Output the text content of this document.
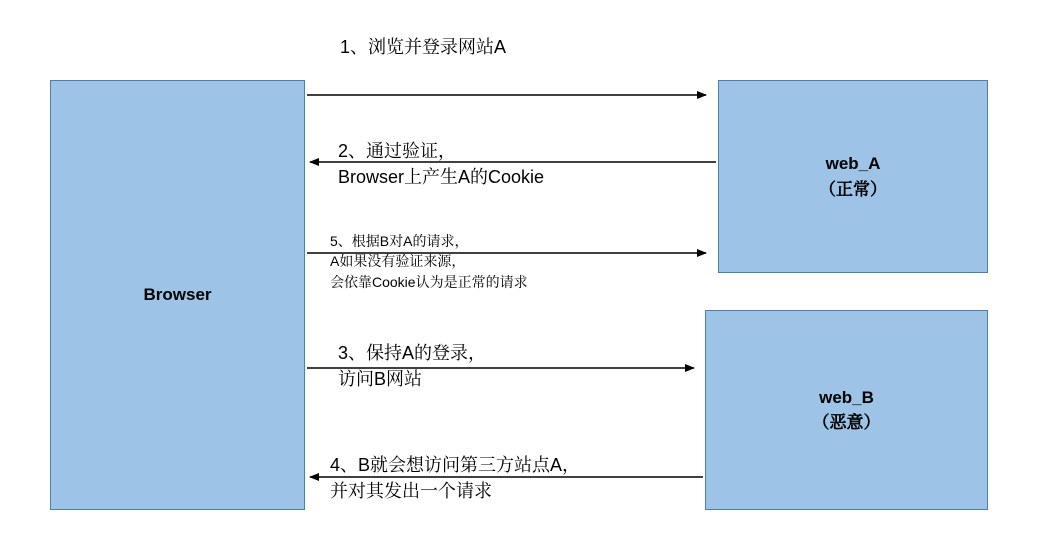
Browser
web_A
（正常）
web_B
（恶意）
1、浏览并登录网站A
2、通过验证，
Browser上产生A的Cookie
5、根据B对A的请求，
A如果没有验证来源，
会依靠Cookie认为是正常的请求
3、保持A的登录，
访问B网站
4、B就会想访问第三方站点A，
并对其发出一个请求
